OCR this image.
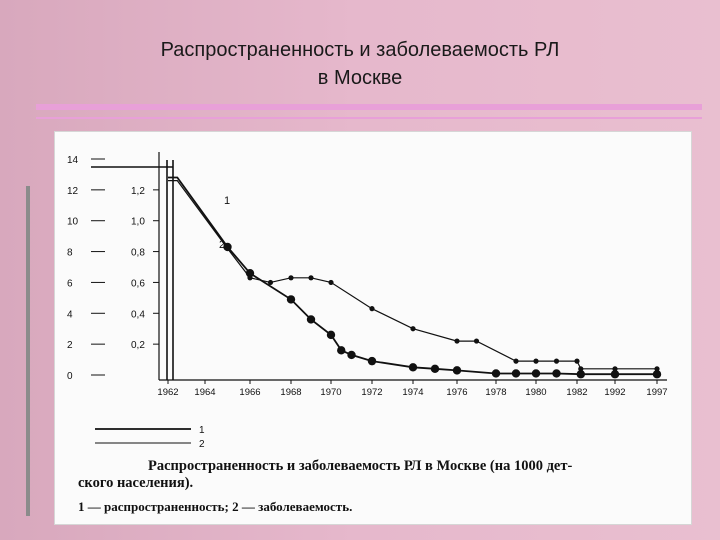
Распространенность и заболеваемость РЛ
в Москве
1
2
14
12
10
8
6
4
2
0
1,2
1,0
0,8
0,6
0,4
0,2
1962 1964	1966 1968 1970 1972 1974 1976 1978 1980 1982 1992 1997
1
2
Распространенность и заболеваемость РЛ в Москве (на 1000 дет-
ского населения).
1 — распространенность; 2 — заболеваемость.
